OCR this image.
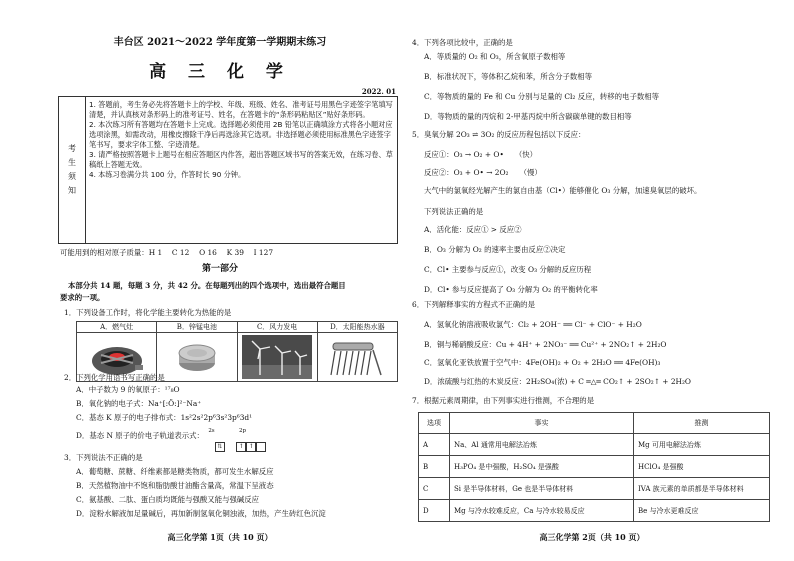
丰台区 2021～2022 学年度第一学期期末练习
高 三 化 学
2022. 01
考
生
须
知
1. 答题前，考生务必先将答题卡上的学校、年级、班级、姓名、准考证号用黑色字迹签字笔填写清楚，并认真核对条形码上的准考证号、姓名，在答题卡的“条形码粘贴区”贴好条形码。
2. 本次练习所有答题均在答题卡上完成。选择题必须使用 2B 铅笔以正确填涂方式将各小题对应选项涂黑，如需改动，用橡皮擦除干净后再选涂其它选项。非选择题必须使用标准黑色字迹签字笔书写，要求字体工整、字迹清楚。
3. 请严格按照答题卡上题号在相应答题区内作答，超出答题区域书写的答案无效，在练习卷、草稿纸上答题无效。
4. 本练习卷满分共 100 分，作答时长 90 分钟。
可能用到的相对原子质量：H 1　 C 12　 O 16　 K 39　 I 127
第一部分
本部分共 14 题，每题 3 分，共 42 分。在每题列出的四个选项中，选出最符合题目
要求的一项。
1．下列设备工作时，将化学能主要转化为热能的是
A．燃气灶	B．锌锰电池	C．风力发电	D．太阳能热水器

2．下列化学用语书写正确的是
A．中子数为 9 的氧原子：¹⁷₈O
B．氧化钠的电子式：Na⁺[:Ö:]²⁻Na⁺
C．基态 K 原子的电子排布式：1s²2s²2p⁶3s²3p⁶3d¹
D．基态 N 原子的价电子轨道表示式： $^{2s}$	$^{2p}$
⇅	↑ ↑
3．下列说法不正确的是
A．葡萄糖、蔗糖、纤维素都是糖类物质，都可发生水解反应
B．天然植物油中不饱和脂肪酸甘油酯含量高，常温下呈液态
C．氨基酸、二肽、蛋白质均既能与强酸又能与强碱反应
D．淀粉水解液加足量碱后，再加新制氢氧化铜浊液，加热，产生砖红色沉淀
高三化学第 1页（共 10 页）
4．下列各项比较中，正确的是
A．等质量的 O₂ 和 O₃，所含氧原子数相等
B．标准状况下，等体积乙烷和苯，所含分子数相等
C．等物质的量的 Fe 和 Cu 分别与足量的 Cl₂ 反应，转移的电子数相等
D．等物质的量的丙烷和 2-甲基丙烷中所含碳碳单键的数目相等
5．臭氧分解 2O₃ ⇌ 3O₂ 的反应历程包括以下反应：
反应①：O₃ → O₂ + O•　　（快）
反应②：O₃ + O• → 2O₂　　（慢）
大气中的氯氧经光解产生的氯自由基（Cl•）能够催化 O₃ 分解，加速臭氧层的破坏。
下列说法正确的是
A．活化能：反应① > 反应②
B．O₃ 分解为 O₂ 的速率主要由反应②决定
C．Cl• 主要参与反应①，改变 O₃ 分解的反应历程
D．Cl• 参与反应提高了 O₃ 分解为 O₂ 的平衡转化率
6．下列解释事实的方程式不正确的是
A．氢氧化钠溶液吸收氯气：Cl₂ + 2OH⁻ ══ Cl⁻ + ClO⁻ + H₂O
B．铜与稀硝酸反应：Cu + 4H⁺ + 2NO₃⁻ ══ Cu²⁺ + 2NO₂↑ + 2H₂O
C．氢氧化亚铁放置于空气中：4Fe(OH)₂ + O₂ + 2H₂O ══ 4Fe(OH)₃
D．浓硫酸与红热的木炭反应：2H₂SO₄(浓) + C ═△═ CO₂↑ + 2SO₂↑ + 2H₂O
7．根据元素周期律，由下列事实进行推测，不合理的是
选项	事实	推测
A	Na、Al 通常用电解法冶炼	Mg 可用电解法冶炼
B	H₃PO₄ 是中强酸，H₂SO₄ 是强酸	HClO₄ 是强酸
C	Si 是半导体材料，Ge 也是半导体材料	IVA 族元素的单质都是半导体材料
D	Mg 与冷水较难反应，Ca 与冷水较易反应	Be 与冷水更难反应
高三化学第 2页（共 10 页）
